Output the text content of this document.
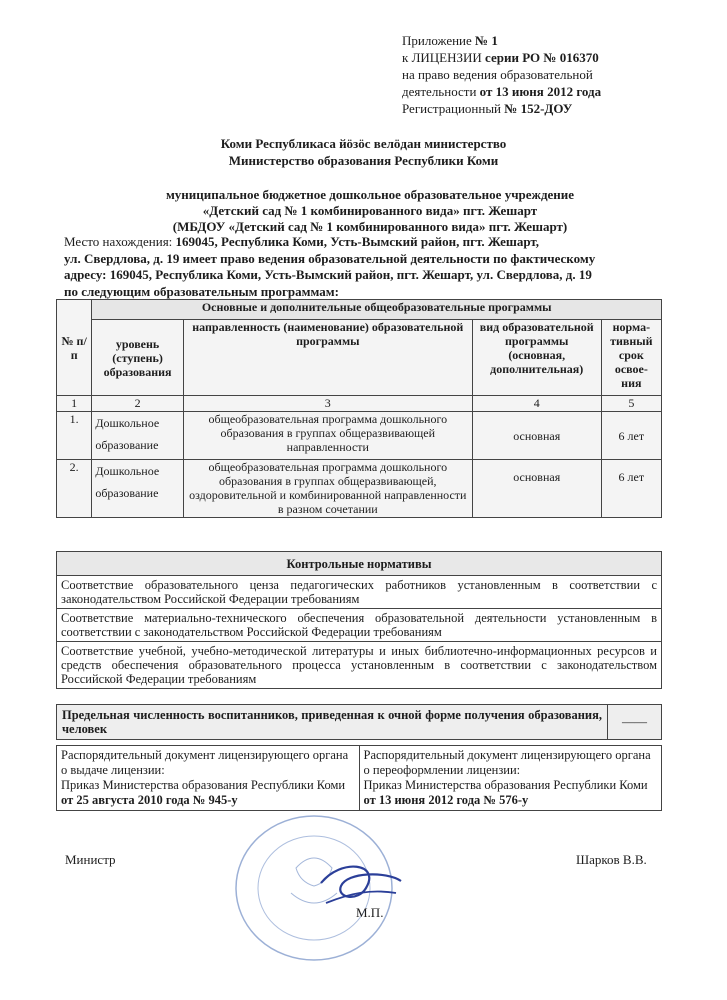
Приложение № 1
к ЛИЦЕНЗИИ серии РО № 016370
на право ведения образовательной
деятельности от 13 июня 2012 года
Регистрационный № 152-ДОУ
Коми Республикаса йӧзӧс велӧдан министерство
Министерство образования Республики Коми
муниципальное бюджетное дошкольное образовательное учреждение
«Детский сад № 1 комбинированного вида» пгт. Жешарт
(МБДОУ «Детский сад № 1 комбинированного вида» пгт. Жешарт)
Место нахождения: 169045, Республика Коми, Усть-Вымский район, пгт. Жешарт,
ул. Свердлова, д. 19 имеет право ведения образовательной деятельности по фактическому
адресу: 169045, Республика Коми, Усть-Вымский район, пгт. Жешарт, ул. Свердлова, д. 19
по следующим образовательным программам:
№ п/п	Основные и дополнительные общеобразовательные программы			
	уровень (ступень) образования	направленность (наименование) образовательной программы	вид образовательной программы (основная, дополнительная)	норма-тивный срок освое-ния
1	2	3	4	5
1.	Дошкольное образование	общеобразовательная программа дошкольного образования в группах общеразвивающей направленности	основная	6 лет
2.	Дошкольное образование	общеобразовательная программа дошкольного образования в группах общеразвивающей, оздоровительной и комбинированной направленности в разном сочетании	основная	6 лет
Контрольные нормативы
Соответствие образовательного ценза педагогических работников установленным в соответствии с законодательством Российской Федерации требованиям
Соответствие материально-технического обеспечения образовательной деятельности установленным в соответствии с законодательством Российской Федерации требованиям
Соответствие учебной, учебно-методической литературы и иных библиотечно-информационных ресурсов и средств обеспечения образовательного процесса установленным в соответствии с законодательством Российской Федерации требованиям
Предельная численность воспитанников, приведенная к очной форме получения образования, человек	——
Распорядительный документ лицензирующего органа о выдаче лицензии:
Приказ Министерства образования Республики Коми
от 25 августа 2010 года № 945-у

Распорядительный документ лицензирующего органа о переоформлении лицензии:
Приказ Министерства образования Республики Коми от 13 июня 2012 года № 576-у
Министр	Шарков В.В.
М.П.
